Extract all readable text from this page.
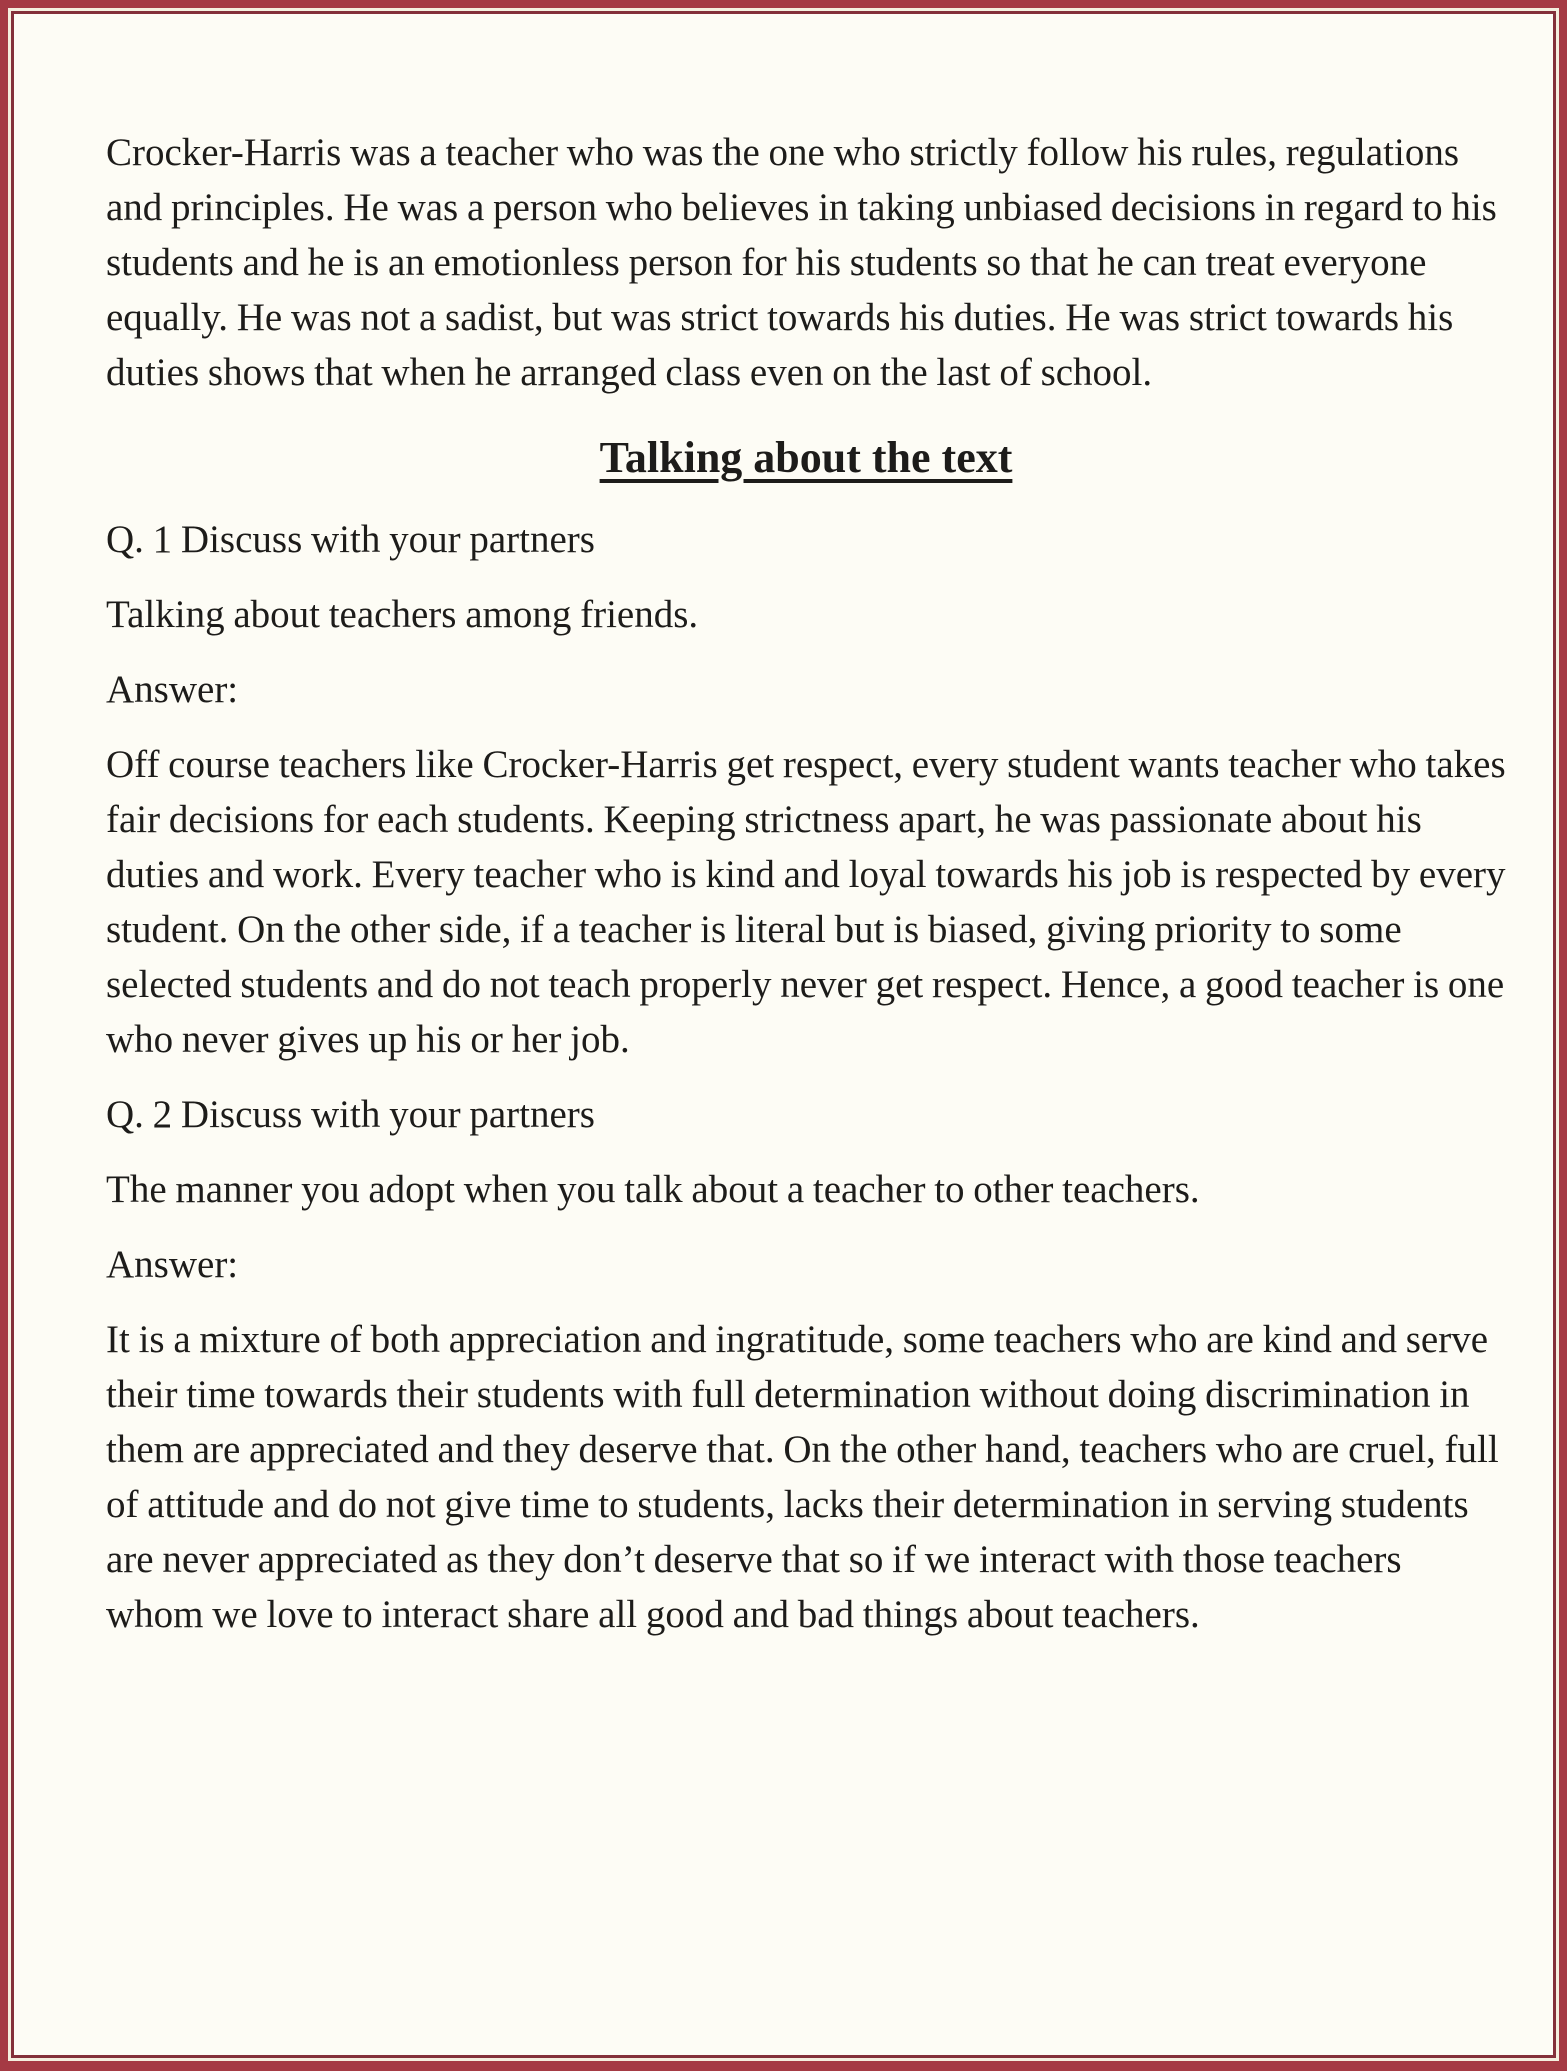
Crocker-Harris was a teacher who was the one who strictly follow his rules, regulations and principles. He was a person who believes in taking unbiased decisions in regard to his students and he is an emotionless person for his students so that he can treat everyone equally. He was not a sadist, but was strict towards his duties. He was strict towards his duties shows that when he arranged class even on the last of school.

Talking about the text

Q. 1 Discuss with your partners

Talking about teachers among friends.

Answer:

Off course teachers like Crocker-Harris get respect, every student wants teacher who takes fair decisions for each students. Keeping strictness apart, he was passionate about his duties and work. Every teacher who is kind and loyal towards his job is respected by every student. On the other side, if a teacher is literal but is biased, giving priority to some selected students and do not teach properly never get respect. Hence, a good teacher is one who never gives up his or her job.

Q. 2 Discuss with your partners

The manner you adopt when you talk about a teacher to other teachers.

Answer:

It is a mixture of both appreciation and ingratitude, some teachers who are kind and serve their time towards their students with full determination without doing discrimination in them are appreciated and they deserve that. On the other hand, teachers who are cruel, full of attitude and do not give time to students, lacks their determination in serving students are never appreciated as they don’t deserve that so if we interact with those teachers whom we love to interact share all good and bad things about teachers.
